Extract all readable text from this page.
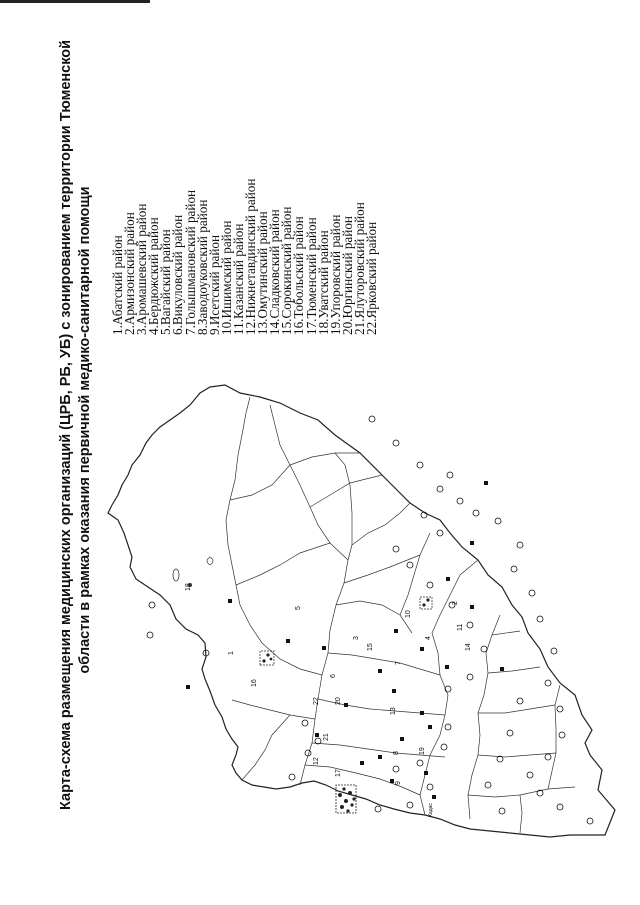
Карта-схема размещения медицинских организаций (ЦРБ, РБ, УБ) с зонированием территории Тюменской области в рамках оказания первичной медико-санитарной помощи	1
2
3	4
5
6
7
8
9
10
11
12
13
14
15
16
17
18
19
20
21
22
Кадас
1.Абатский район
2.Армизонский район
3.Аромашевский район
4.Бердюжский район
5.Вагайский район
6.Викуловский район
7.Голышмановский район
8.Заводоуковский район
9.Исетский район
10.Ишимский район
11.Казанский район
12.Нижнетавдинский район
13.Омутинский район
14.Сладковский район
15.Сорокинский район
16.Тобольский район
17.Тюменский район
18.Уватский район
19.Упоровский район
20.Юргинский район
21.Ялуторовский район
22.Ярковский район
